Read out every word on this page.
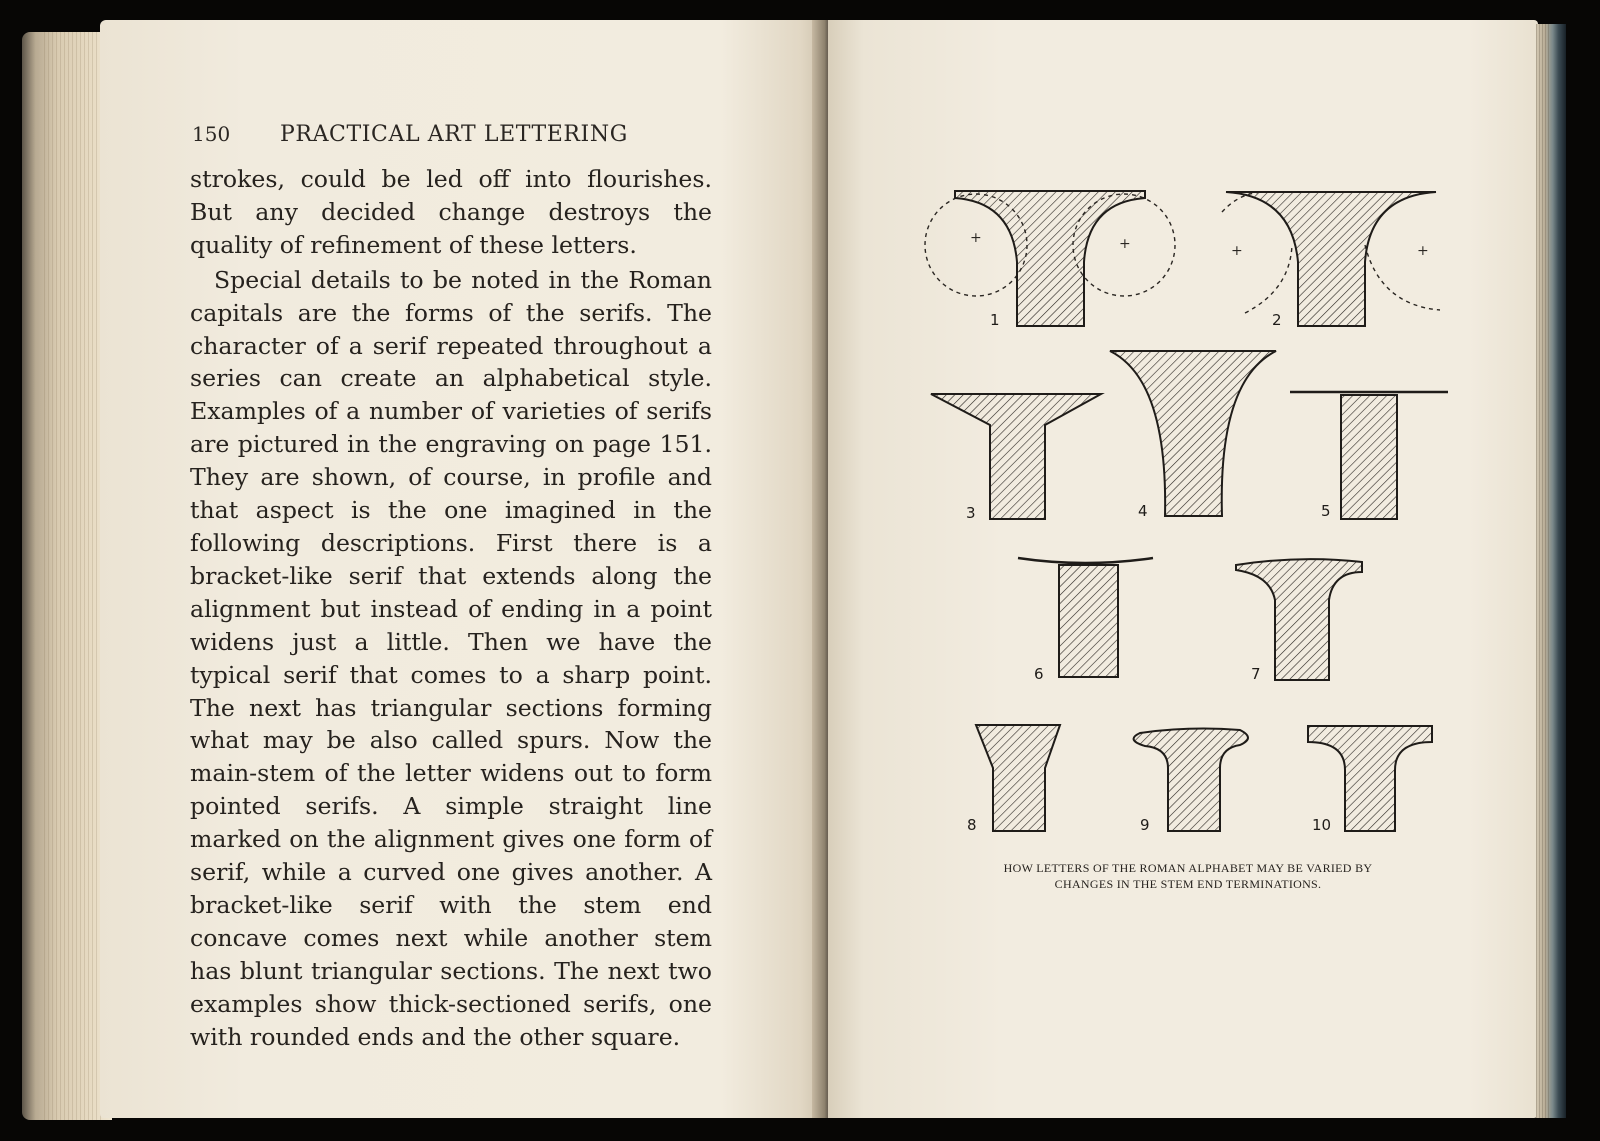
150 PRACTICAL ART LETTERING

strokes, could be led off into flourishes. But any decided change destroys the quality of refinement of these letters.

Special details to be noted in the Roman capitals are the forms of the serifs. The character of a serif repeated throughout a series can create an alphabetical style. Examples of a number of varieties of serifs are pictured in the engraving on page 151. They are shown, of course, in profile and that aspect is the one imagined in the following descriptions. First there is a bracket-like serif that extends along the alignment but instead of ending in a point widens just a little. Then we have the typical serif that comes to a sharp point. The next has triangular sections forming what may be also called spurs. Now the main-stem of the letter widens out to form pointed serifs. A simple straight line marked on the alignment gives one form of serif, while a curved one gives another. A bracket-like serif with the stem end concave comes next while another stem has blunt triangular sections. The next two examples show thick-sectioned serifs, one with rounded ends and the other square.

+	+	+	+
1	2
3	4	5
6	7
8	9	10
HOW LETTERS OF THE ROMAN ALPHABET MAY BE VARIED BY
CHANGES IN THE STEM END TERMINATIONS.
